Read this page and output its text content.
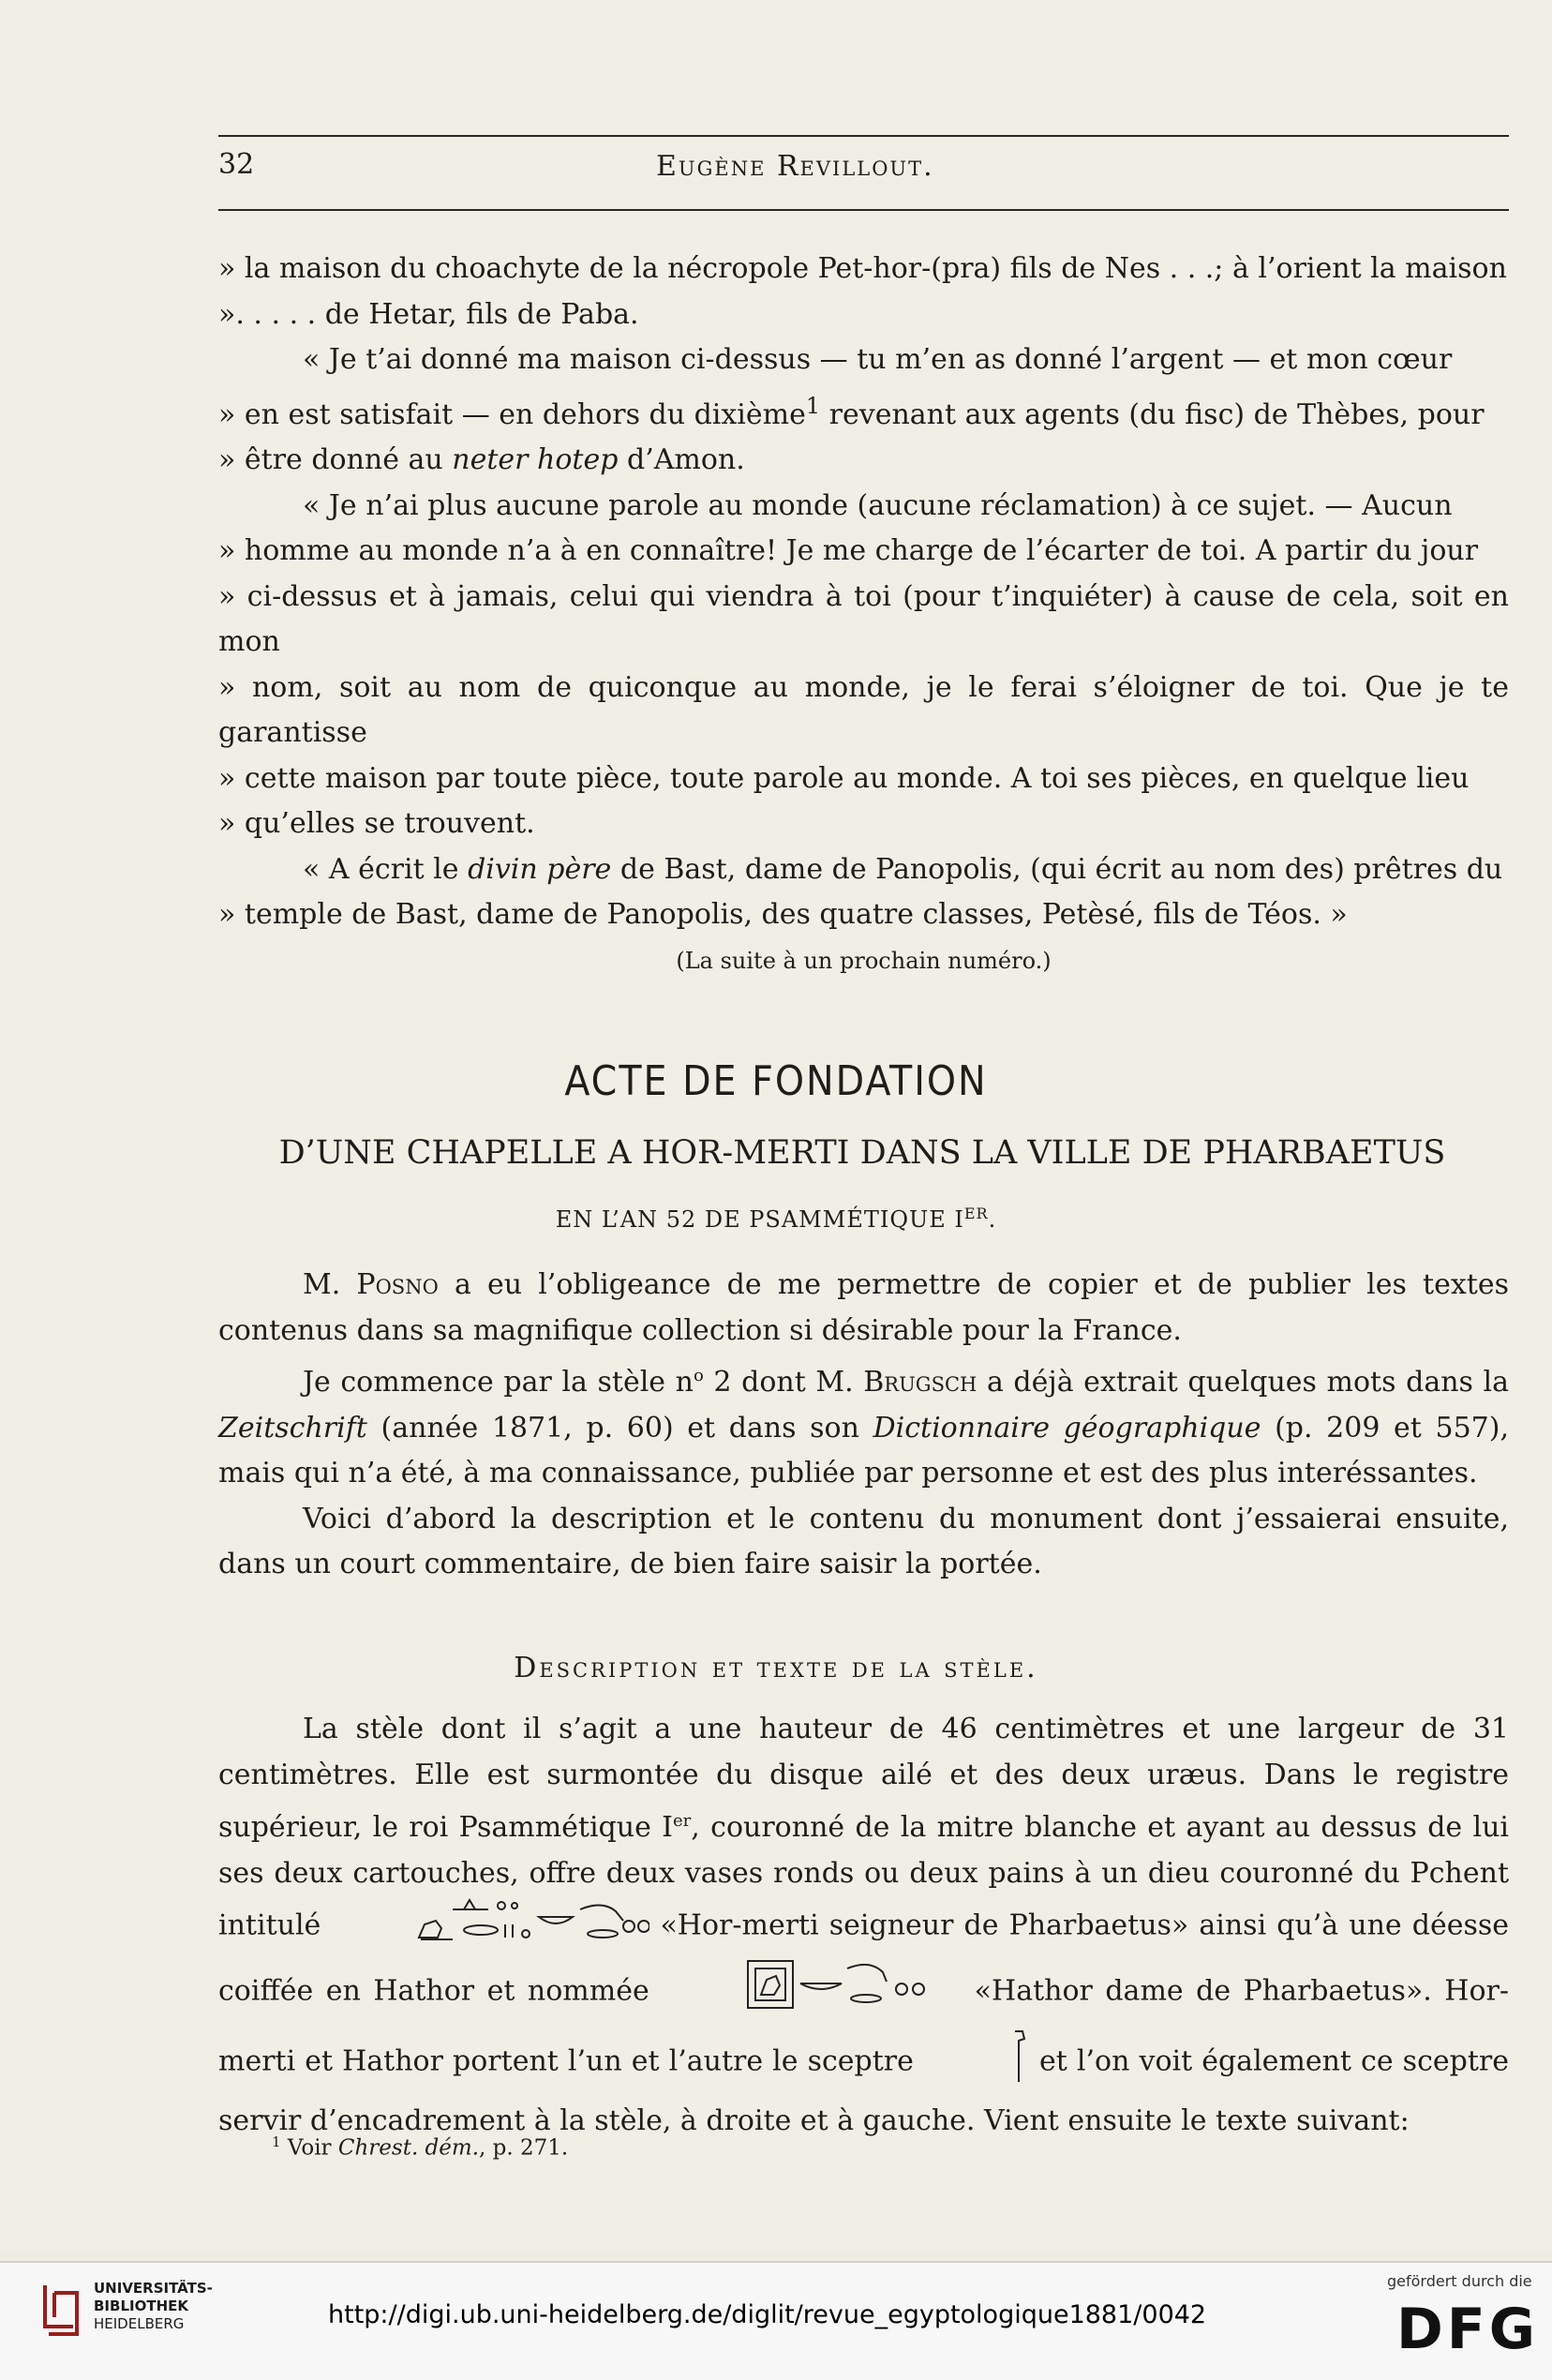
32	Eugène Revillout.

» la maison du choachyte de la nécropole Pet-hor-(pra) fils de Nes . . .; à l’orient la maison

». . . . . de Hetar, fils de Paba.

« Je t’ai donné ma maison ci-dessus — tu m’en as donné l’argent — et mon cœur

» en est satisfait — en dehors du dixième$^1$ revenant aux agents (du fisc) de Thèbes, pour

» être donné au neter hotep d’Amon.

« Je n’ai plus aucune parole au monde (aucune réclamation) à ce sujet. — Aucun

» homme au monde n’a à en connaître! Je me charge de l’écarter de toi. A partir du jour

» ci-dessus et à jamais, celui qui viendra à toi (pour t’inquiéter) à cause de cela, soit en mon

» nom, soit au nom de quiconque au monde, je le ferai s’éloigner de toi. Que je te garantisse

» cette maison par toute pièce, toute parole au monde. A toi ses pièces, en quelque lieu

» qu’elles se trouvent.

« A écrit le divin père de Bast, dame de Panopolis, (qui écrit au nom des) prêtres du

» temple de Bast, dame de Panopolis, des quatre classes, Petèsé, fils de Téos. »

(La suite à un prochain numéro.)

ACTE DE FONDATION
D’UNE CHAPELLE A HOR-MERTI DANS LA VILLE DE PHARBAETUS
EN L’AN 52 DE PSAMMÉTIQUE IER.

M. Posno a eu l’obligeance de me permettre de copier et de publier les textes contenus dans sa magnifique collection si désirable pour la France.

Je commence par la stèle $n^o$ 2 dont M. Brugsch a déjà extrait quelques mots dans la Zeitschrift (année 1871, p. 60) et dans son Dictionnaire géographique (p. 209 et 557), mais qui n’a été, à ma connaissance, publiée par personne et est des plus interéssantes.

Voici d’abord la description et le contenu du monument dont j’essaierai ensuite, dans un court commentaire, de bien faire saisir la portée.

Description et texte de la stèle.

La stèle dont il s’agit a une hauteur de 46 centimètres et une largeur de 31 centimètres. Elle est surmontée du disque ailé et des deux uræus. Dans le registre supérieur, le roi Psammétique Ier, couronné de la mitre blanche et ayant au dessus de lui ses deux cartouches, offre deux vases ronds ou deux pains à un dieu couronné du Pchent intitulé	«Hor-merti seigneur de Pharbaetus» ainsi qu’à une déesse coiffée en Hathor et nommée	«Hathor dame de Pharbaetus». Hor-merti et Hathor portent l’un et l’autre le sceptre	et l’on voit également ce sceptre servir d’encadrement à la stèle, à droite et à gauche. Vient ensuite le texte suivant:

$^1$ Voir Chrest. dém., p. 271.
UNIVERSITÄTS-
BIBLIOTHEK
HEIDELBERG	http://digi.ub.uni-heidelberg.de/diglit/revue_egyptologique1881/0042
gefördert durch die
DFG
